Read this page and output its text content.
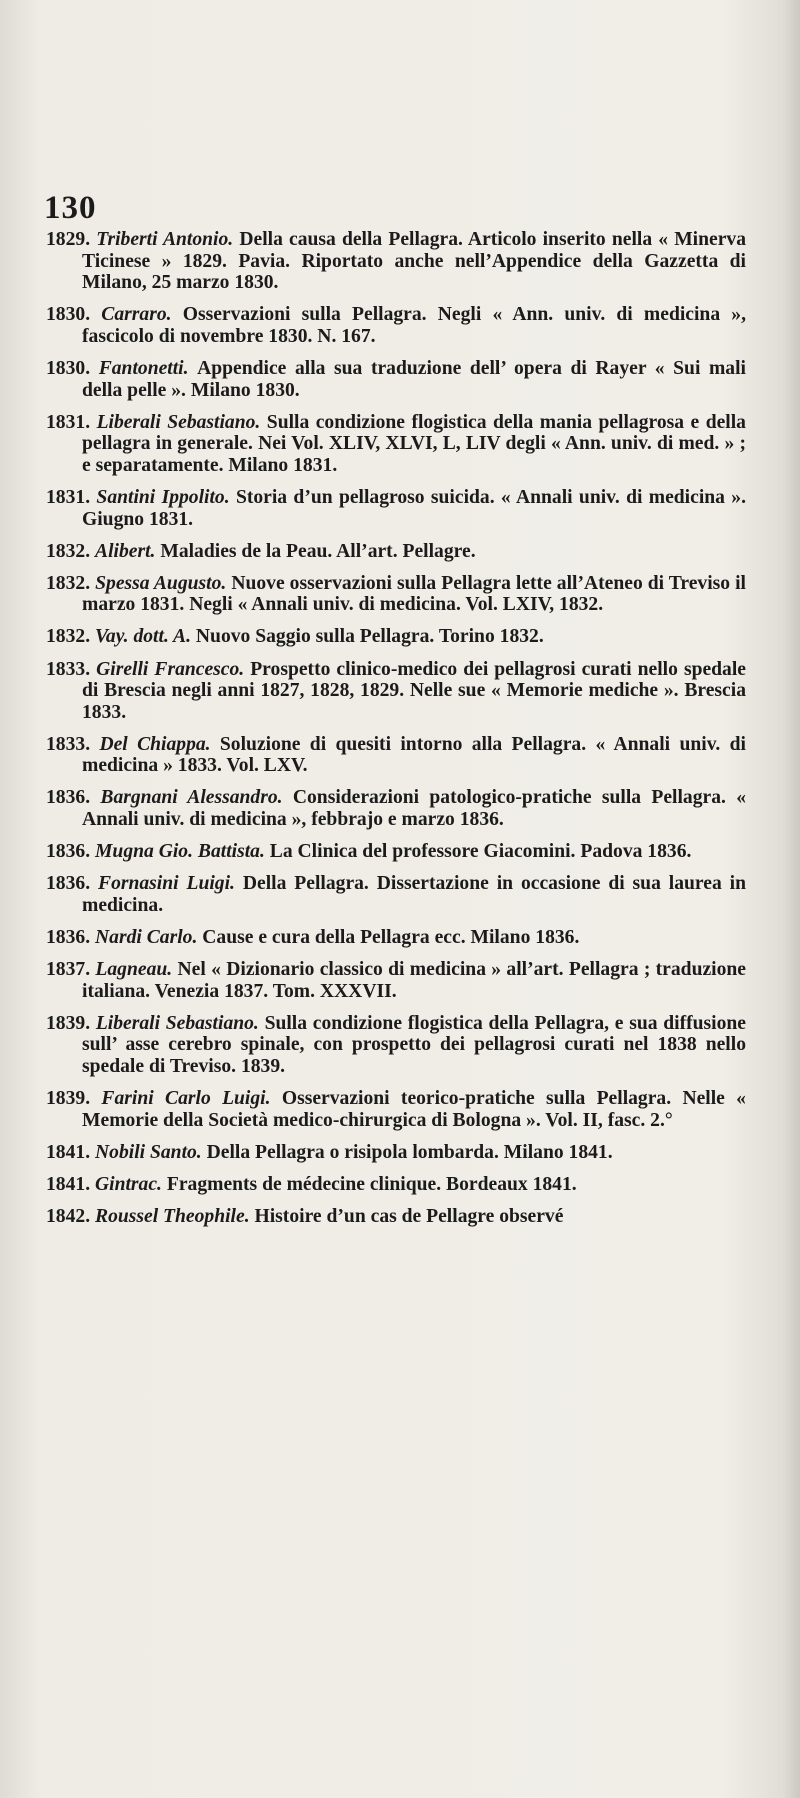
130
1829. Triberti Antonio. Della causa della Pellagra. Articolo inserito nella « Minerva Ticinese » 1829. Pavia. Riportato anche nell’Appendice della Gazzetta di Milano, 25 marzo 1830.
1830. Carraro. Osservazioni sulla Pellagra. Negli « Ann. univ. di medicina », fascicolo di novembre 1830. N. 167.
1830. Fantonetti. Appendice alla sua traduzione dell’ opera di Rayer « Sui mali della pelle ». Milano 1830.
1831. Liberali Sebastiano. Sulla condizione flogistica della mania pellagrosa e della pellagra in generale. Nei Vol. XLIV, XLVI, L, LIV degli « Ann. univ. di med. » ; e separatamente. Milano 1831.
1831. Santini Ippolito. Storia d’un pellagroso suicida. « Annali univ. di medicina ». Giugno 1831.
1832. Alibert. Maladies de la Peau. All’art. Pellagre.
1832. Spessa Augusto. Nuove osservazioni sulla Pellagra lette all’Ateneo di Treviso il marzo 1831. Negli « Annali univ. di medicina. Vol. LXIV, 1832.
1832. Vay. dott. A. Nuovo Saggio sulla Pellagra. Torino 1832.
1833. Girelli Francesco. Prospetto clinico-medico dei pellagrosi curati nello spedale di Brescia negli anni 1827, 1828, 1829. Nelle sue « Memorie mediche ». Brescia 1833.
1833. Del Chiappa. Soluzione di quesiti intorno alla Pellagra. « Annali univ. di medicina » 1833. Vol. LXV.
1836. Bargnani Alessandro. Considerazioni patologico-pratiche sulla Pellagra. « Annali univ. di medicina », febbrajo e marzo 1836.
1836. Mugna Gio. Battista. La Clinica del professore Giacomini. Padova 1836.
1836. Fornasini Luigi. Della Pellagra. Dissertazione in occasione di sua laurea in medicina.
1836. Nardi Carlo. Cause e cura della Pellagra ecc. Milano 1836.
1837. Lagneau. Nel « Dizionario classico di medicina » all’art. Pellagra ; traduzione italiana. Venezia 1837. Tom. XXXVII.
1839. Liberali Sebastiano. Sulla condizione flogistica della Pellagra, e sua diffusione sull’ asse cerebro spinale, con prospetto dei pellagrosi curati nel 1838 nello spedale di Treviso. 1839.
1839. Farini Carlo Luigi. Osservazioni teorico-pratiche sulla Pellagra. Nelle « Memorie della Società medico-chirurgica di Bologna ». Vol. II, fasc. 2.°
1841. Nobili Santo. Della Pellagra o risipola lombarda. Milano 1841.
1841. Gintrac. Fragments de médecine clinique. Bordeaux 1841.
1842. Roussel Theophile. Histoire d’un cas de Pellagre observé
